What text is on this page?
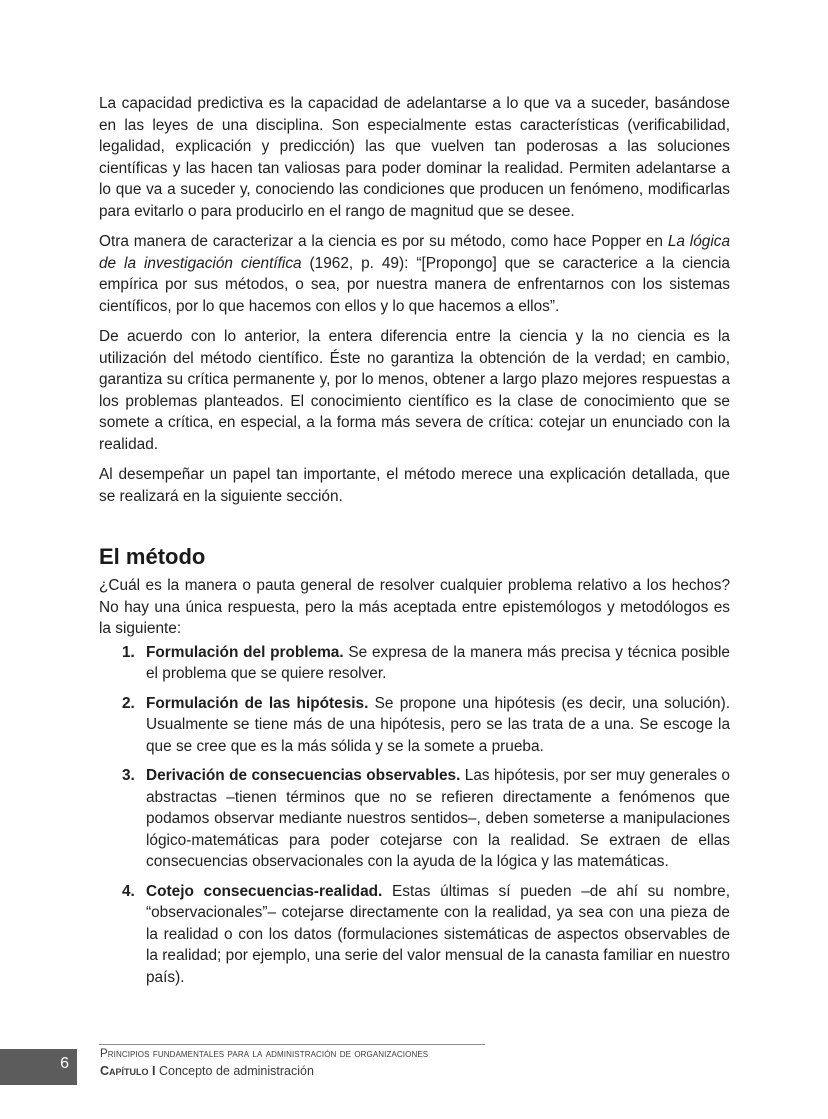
La capacidad predictiva es la capacidad de adelantarse a lo que va a suceder, basándose en las leyes de una disciplina. Son especialmente estas características (verificabilidad, legalidad, explicación y predicción) las que vuelven tan poderosas a las soluciones científicas y las hacen tan valiosas para poder dominar la realidad. Permiten adelantarse a lo que va a suceder y, conociendo las condiciones que producen un fenómeno, modificarlas para evitarlo o para producirlo en el rango de magnitud que se desee.

Otra manera de caracterizar a la ciencia es por su método, como hace Popper en La lógica de la investigación científica (1962, p. 49): “[Propongo] que se caracterice a la ciencia empírica por sus métodos, o sea, por nuestra manera de enfrentarnos con los sistemas científicos, por lo que hacemos con ellos y lo que hacemos a ellos”.

De acuerdo con lo anterior, la entera diferencia entre la ciencia y la no ciencia es la utilización del método científico. Éste no garantiza la obtención de la verdad; en cambio, garantiza su crítica permanente y, por lo menos, obtener a largo plazo mejores respuestas a los problemas planteados. El conocimiento científico es la clase de conocimiento que se somete a crítica, en especial, a la forma más severa de crítica: cotejar un enunciado con la realidad.

Al desempeñar un papel tan importante, el método merece una explicación detallada, que se realizará en la siguiente sección.

El método

¿Cuál es la manera o pauta general de resolver cualquier problema relativo a los hechos? No hay una única respuesta, pero la más aceptada entre epistemólogos y metodólogos es la siguiente:

1. Formulación del problema. Se expresa de la manera más precisa y técnica posible el problema que se quiere resolver.
2. Formulación de las hipótesis. Se propone una hipótesis (es decir, una solución). Usualmente se tiene más de una hipótesis, pero se las trata de a una. Se escoge la que se cree que es la más sólida y se la somete a prueba.
3. Derivación de consecuencias observables. Las hipótesis, por ser muy generales o abstractas –tienen términos que no se refieren directamente a fenómenos que podamos observar mediante nuestros sentidos–, deben someterse a manipulaciones lógico-matemáticas para poder cotejarse con la realidad. Se extraen de ellas consecuencias observacionales con la ayuda de la lógica y las matemáticas.
4. Cotejo consecuencias-realidad. Estas últimas sí pueden –de ahí su nombre, “observacionales”– cotejarse directamente con la realidad, ya sea con una pieza de la realidad o con los datos (formulaciones sistemáticas de aspectos observables de la realidad; por ejemplo, una serie del valor mensual de la canasta familiar en nuestro país).
6
Principios fundamentales para la administración de organizaciones
Capítulo I Concepto de administración
